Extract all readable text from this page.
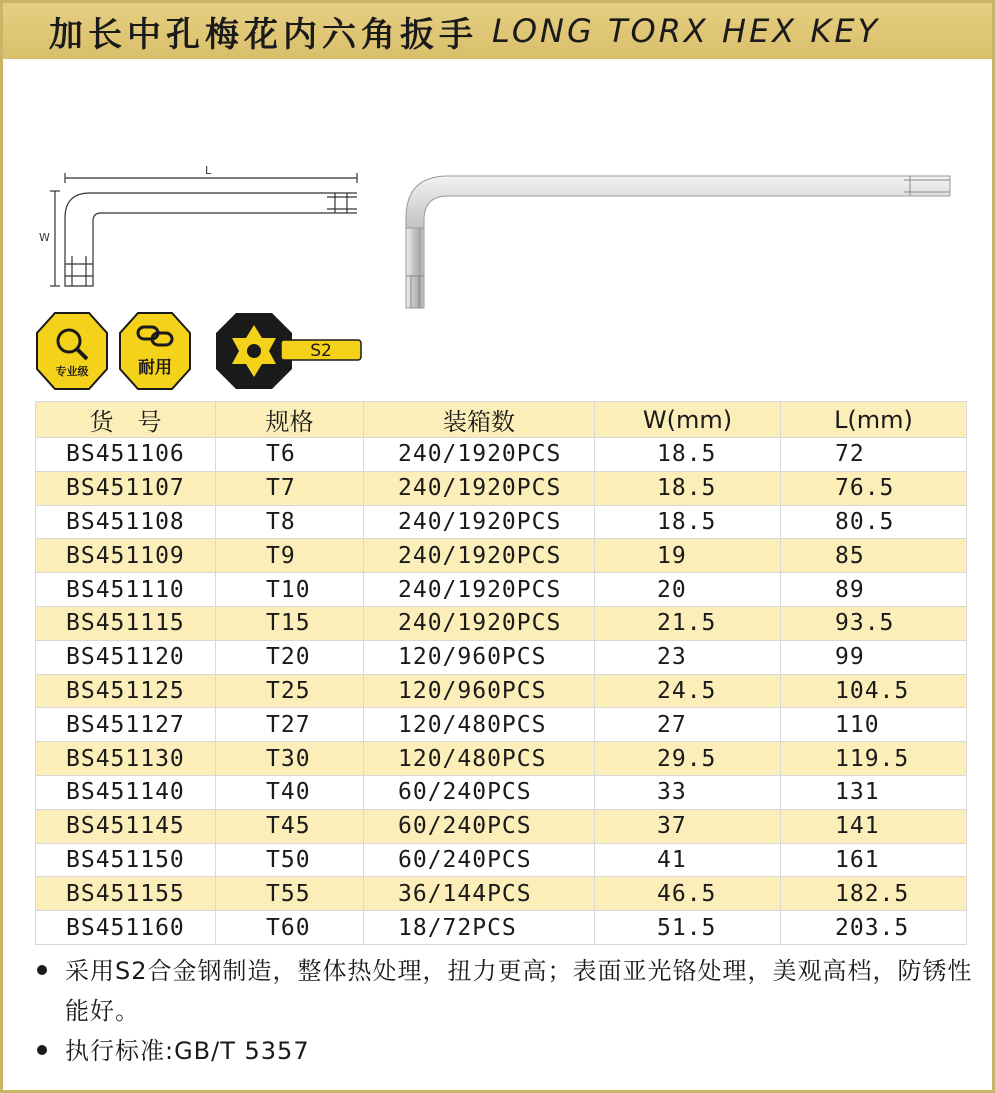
加长中孔梅花内六角扳手 LONG TORX HEX KEY
L
W
专业级	耐用
S2
货　号	规格	装箱数	W(mm)	L(mm)
BS451106	T6	240/1920PCS	18.5	72
BS451107	T7	240/1920PCS	18.5	76.5
BS451108	T8	240/1920PCS	18.5	80.5
BS451109	T9	240/1920PCS	19	85
BS451110	T10	240/1920PCS	20	89
BS451115	T15	240/1920PCS	21.5	93.5
BS451120	T20	120/960PCS	23	99
BS451125	T25	120/960PCS	24.5	104.5
BS451127	T27	120/480PCS	27	110
BS451130	T30	120/480PCS	29.5	119.5
BS451140	T40	60/240PCS	33	131
BS451145	T45	60/240PCS	37	141
BS451150	T50	60/240PCS	41	161
BS451155	T55	36/144PCS	46.5	182.5
BS451160	T60	18/72PCS	51.5	203.5
采用S2合金钢制造，整体热处理，扭力更高；表面亚光铬处理，美观高档，防锈性能好。
执行标准:GB/T 5357
